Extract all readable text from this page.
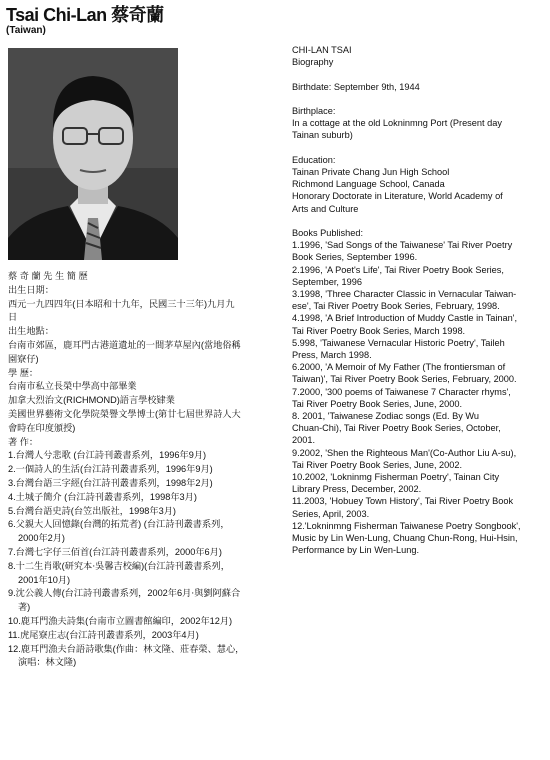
Tsai Chi-Lan 蔡奇蘭
(Taiwan)

蔡 奇 蘭 先 生 簡 歷

出生日期：

西元一九四四年(日本昭和十九年，民國三十三年)九月九

日

出生地點：

台南市郊區，鹿耳門古港道遺址的一間茅草屋內(當地俗稱

園寮仔)

學 歷：

台南市私立長榮中學高中部畢業

加拿大烈治文(RICHMOND)語言學校肄業

美國世界藝術文化學院榮譽文學博士(第廿七屆世界詩人大

會時在印度頒授)

著 作：

1.台灣人兮悲歌 (台江詩刊叢書系列，1996年9月)

2.一個詩人的生活(台江詩刊叢書系列，1996年9月)

3.台灣台語三字經(台江詩刊叢書系列，1998年2月)

4.土城子簡介 (台江詩刊叢書系列，1998年3月)

5.台灣台語史詩(台笠出版社，1998年3月)

6.父親大人回憶錄(台灣的拓荒者) (台江詩刊叢書系列，

2000年2月)

7.台灣七字仔三佰首(台江詩刊叢書系列，2000年6月)

8.十二生肖歌(研究本‧吳馨吉校編)(台江詩刊叢書系列，

2001年10月)

9.沈公義人傳(台江詩刊叢書系列，2002年6月‧與劉阿蘇合

著)

10.鹿耳門漁夫詩集(台南市立圖書館編印，2002年12月)

11.虎尾寮庄志(台江詩刊叢書系列，2003年4月)

12.鹿耳門漁夫台語詩歌集(作曲：林文隆、莊春榮、慧心，

演唱：林文隆)

CHI-LAN TSAI

Biography

Birthdate: September 9th, 1944

Birthplace:

In a cottage at the old Lokninmng Port (Present day

Tainan suburb)

Education:

Tainan Private Chang Jun High School

Richmond Language School, Canada

Honorary Doctorate in Literature, World Academy of

Arts and Culture

Books Published:

1.1996, 'Sad Songs of the Taiwanese' Tai River Poetry

Book Series, September 1996.

2.1996, 'A Poet's Life', Tai River Poetry Book Series,

September, 1996

3.1998, 'Three Character Classic in Vernacular Taiwan-

ese', Tai River Poetry Book Series, February, 1998.

4.1998, 'A Brief Introduction of Muddy Castle in Tainan',

Tai River Poetry Book Series, March 1998.

5.998, 'Taiwanese Vernacular Historic Poetry', Taileh

Press, March 1998.

6.2000, 'A Memoir of My Father (The frontiersman of

Taiwan)', Tai River Poetry Book Series, February, 2000.

7.2000, '300 poems of Taiwanese 7 Character rhyms',

Tai River Poetry Book Series, June, 2000.

8. 2001, 'Taiwanese Zodiac songs (Ed. By Wu

Chuan-Chi), Tai River Poetry Book Series, October,

2001.

9.2002, 'Shen the Righteous Man'(Co-Author Liu A-su),

Tai River Poetry Book Series, June, 2002.

10.2002, 'Lokninmg Fisherman Poetry', Tainan City

Library Press, December, 2002.

11.2003, 'Hobuey Town History', Tai River Poetry Book

Series, April, 2003.

12.'Lokninmng Fisherman Taiwanese Poetry Songbook',

Music by Lin Wen-Lung, Chuang Chun-Rong, Hui-Hsin,

Performance by Lin Wen-Lung.
